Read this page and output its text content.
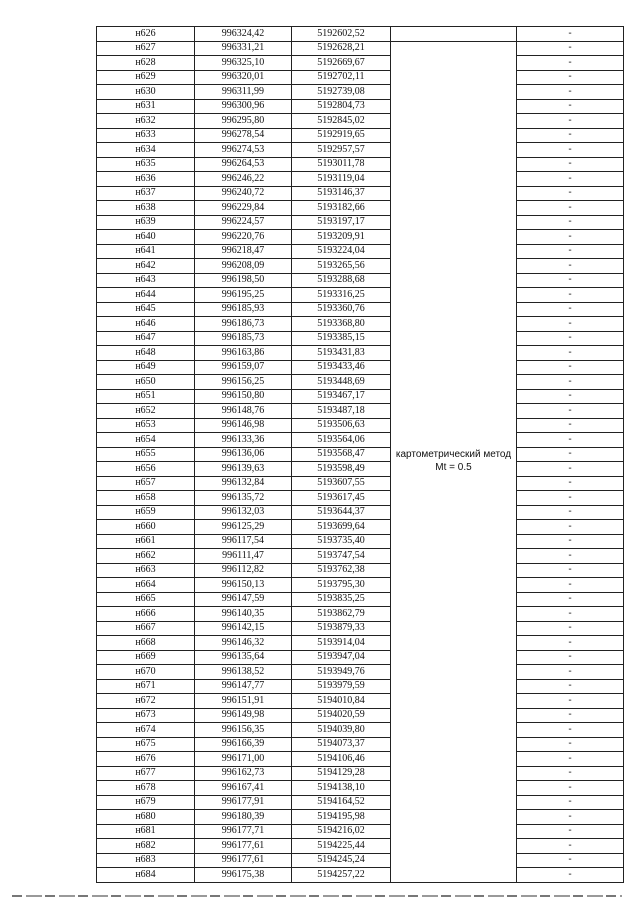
н626	996324,42	5192602,52		-
н627	996331,21	5192628,21	картометрический метод Mt = 0.5	-
н628	996325,10	5192669,67		-
н629	996320,01	5192702,11		-
н630	996311,99	5192739,08		-
н631	996300,96	5192804,73		-
н632	996295,80	5192845,02		-
н633	996278,54	5192919,65		-
н634	996274,53	5192957,57		-
н635	996264,53	5193011,78		-
н636	996246,22	5193119,04		-
н637	996240,72	5193146,37		-
н638	996229,84	5193182,66		-
н639	996224,57	5193197,17		-
н640	996220,76	5193209,91		-
н641	996218,47	5193224,04		-
н642	996208,09	5193265,56		-
н643	996198,50	5193288,68		-
н644	996195,25	5193316,25		-
н645	996185,93	5193360,76		-
н646	996186,73	5193368,80		-
н647	996185,73	5193385,15		-
н648	996163,86	5193431,83		-
н649	996159,07	5193433,46		-
н650	996156,25	5193448,69		-
н651	996150,80	5193467,17		-
н652	996148,76	5193487,18		-
н653	996146,98	5193506,63		-
н654	996133,36	5193564,06		-
н655	996136,06	5193568,47		-
н656	996139,63	5193598,49		-
н657	996132,84	5193607,55		-
н658	996135,72	5193617,45		-
н659	996132,03	5193644,37		-
н660	996125,29	5193699,64		-
н661	996117,54	5193735,40		-
н662	996111,47	5193747,54		-
н663	996112,82	5193762,38		-
н664	996150,13	5193795,30		-
н665	996147,59	5193835,25		-
н666	996140,35	5193862,79		-
н667	996142,15	5193879,33		-
н668	996146,32	5193914,04		-
н669	996135,64	5193947,04		-
н670	996138,52	5193949,76		-
н671	996147,77	5193979,59		-
н672	996151,91	5194010,84		-
н673	996149,98	5194020,59		-
н674	996156,35	5194039,80		-
н675	996166,39	5194073,37		-
н676	996171,00	5194106,46		-
н677	996162,73	5194129,28		-
н678	996167,41	5194138,10		-
н679	996177,91	5194164,52		-
н680	996180,39	5194195,98		-
н681	996177,71	5194216,02		-
н682	996177,61	5194225,44		-
н683	996177,61	5194245,24		-
н684	996175,38	5194257,22		-
